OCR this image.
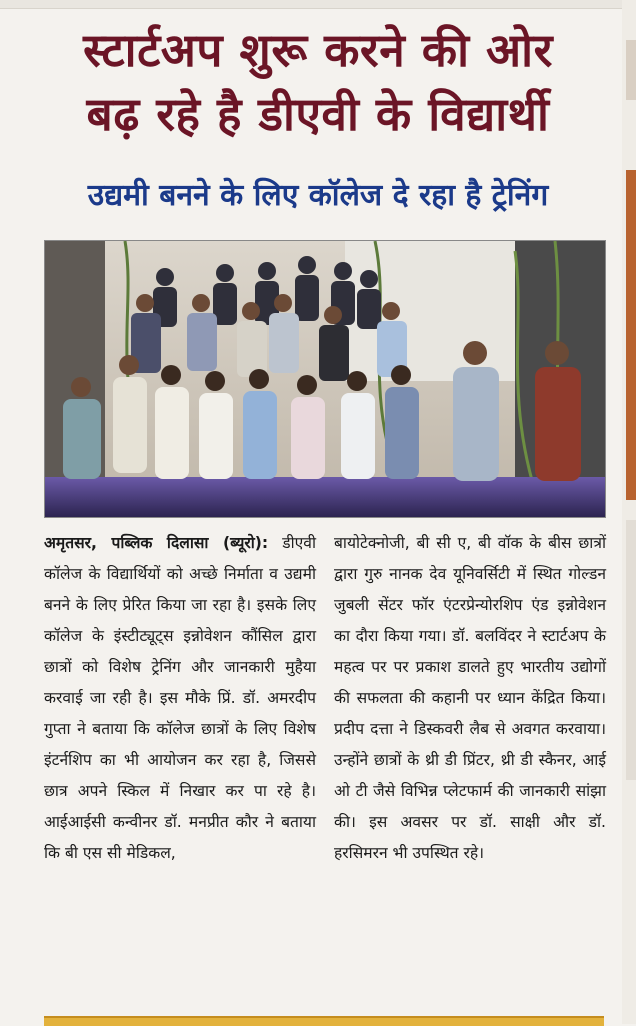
स्टार्टअप शुरू करने की ओर
बढ़ रहे है डीएवी के विद्यार्थी
उद्यमी बनने के लिए कॉलेज दे रहा है ट्रेनिंग
अमृतसर, पब्लिक दिलासा (ब्यूरो): डीएवी कॉलेज के विद्यार्थियों को अच्छे निर्माता व उद्यमी बनने के लिए प्रेरित किया जा रहा है। इसके लिए कॉलेज के इंस्टीट्यूट्स इन्नोवेशन कौंसिल द्वारा छात्रों को विशेष ट्रेनिंग और जानकारी मुहैया करवाई जा रही है। इस मौके प्रिं. डॉ. अमरदीप गुप्ता ने बताया कि कॉलेज छात्रों के लिए विशेष इंटर्नशिप का भी आयोजन कर रहा है, जिससे छात्र अपने स्किल में निखार कर पा रहे है। आईआईसी कन्वीनर डॉ. मनप्रीत कौर ने बताया कि बी एस सी मेडिकल,
बायोटेक्नोजी, बी सी ए, बी वॉक के बीस छात्रों द्वारा गुरु नानक देव यूनिवर्सिटी में स्थित गोल्डन जुबली सेंटर फॉर एंटरप्रेन्योरशिप एंड इन्नोवेशन का दौरा किया गया। डॉ. बलविंदर ने स्टार्टअप के महत्व पर पर प्रकाश डालते हुए भारतीय उद्योगों की सफलता की कहानी पर ध्यान केंद्रित किया। प्रदीप दत्ता ने डिस्कवरी लैब से अवगत करवाया। उन्होंने छात्रों के थ्री डी प्रिंटर, थ्री डी स्कैनर, आई ओ टी जैसे विभिन्न प्लेटफार्म की जानकारी सांझा की। इस अवसर पर डॉ. साक्षी और डॉ. हरसिमरन भी उपस्थित रहे।
